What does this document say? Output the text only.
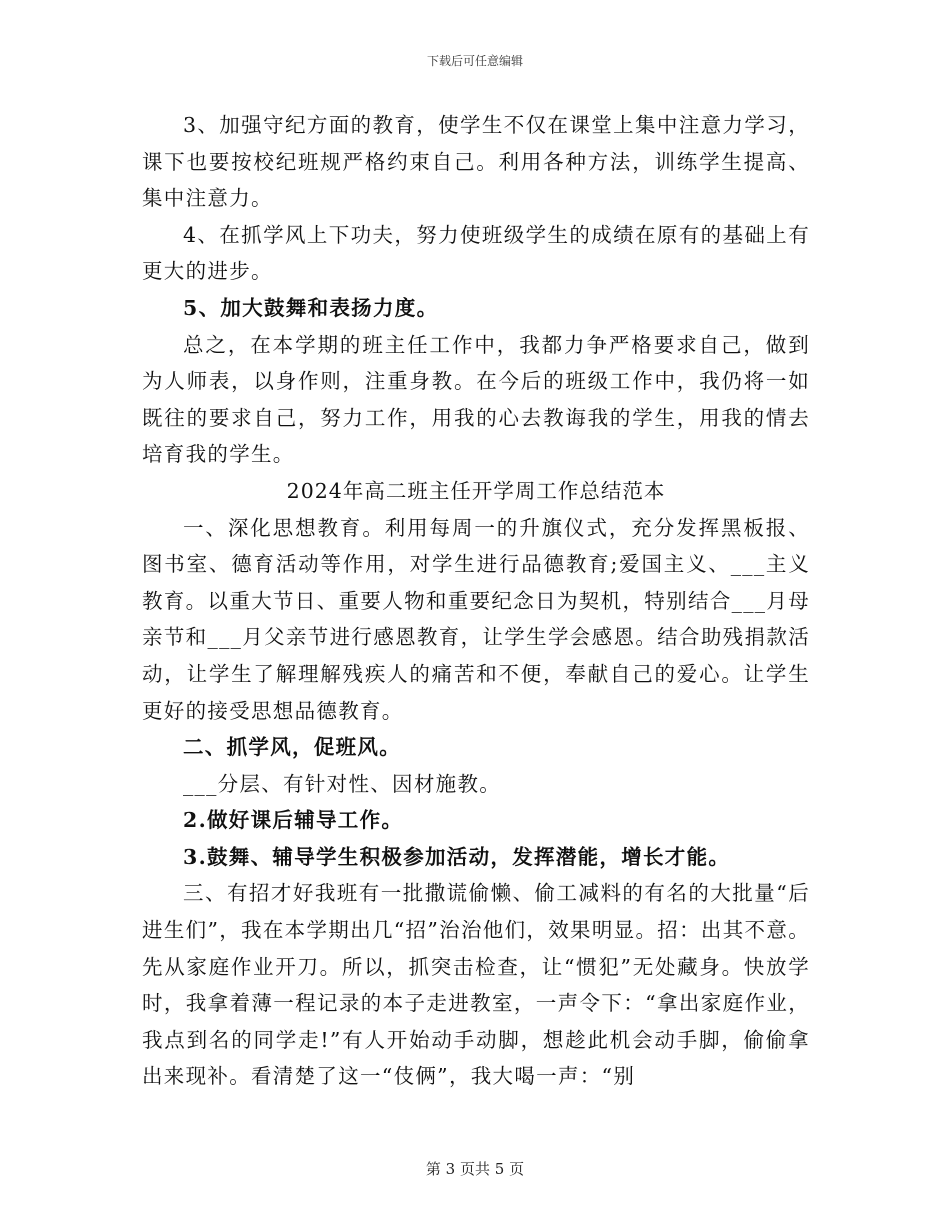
下载后可任意编辑

3、加强守纪方面的教育，使学生不仅在课堂上集中注意力学习，课下也要按校纪班规严格约束自己。利用各种方法，训练学生提高、集中注意力。

4、在抓学风上下功夫，努力使班级学生的成绩在原有的基础上有更大的进步。

5、加大鼓舞和表扬力度。

总之，在本学期的班主任工作中，我都力争严格要求自己，做到为人师表，以身作则，注重身教。在今后的班级工作中，我仍将一如既往的要求自己，努力工作，用我的心去教诲我的学生，用我的情去培育我的学生。

2024年高二班主任开学周工作总结范本

一、深化思想教育。利用每周一的升旗仪式，充分发挥黑板报、图书室、德育活动等作用，对学生进行品德教育;爱国主义、___主义教育。以重大节日、重要人物和重要纪念日为契机，特别结合___月母亲节和___月父亲节进行感恩教育，让学生学会感恩。结合助残捐款活动，让学生了解理解残疾人的痛苦和不便，奉献自己的爱心。让学生更好的接受思想品德教育。

二、抓学风，促班风。

___分层、有针对性、因材施教。

2.做好课后辅导工作。

3.鼓舞、辅导学生积极参加活动，发挥潜能，增长才能。

三、有招才好我班有一批撒谎偷懒、偷工减料的有名的大批量“后进生们”，我在本学期出几“招”治治他们，效果明显。招：出其不意。先从家庭作业开刀。所以，抓突击检查，让“惯犯”无处藏身。快放学时，我拿着薄一程记录的本子走进教室，一声令下：“拿出家庭作业，我点到名的同学走!”有人开始动手动脚，想趁此机会动手脚，偷偷拿出来现补。看清楚了这一“伎俩”，我大喝一声：“别

第 3 页共 5 页
